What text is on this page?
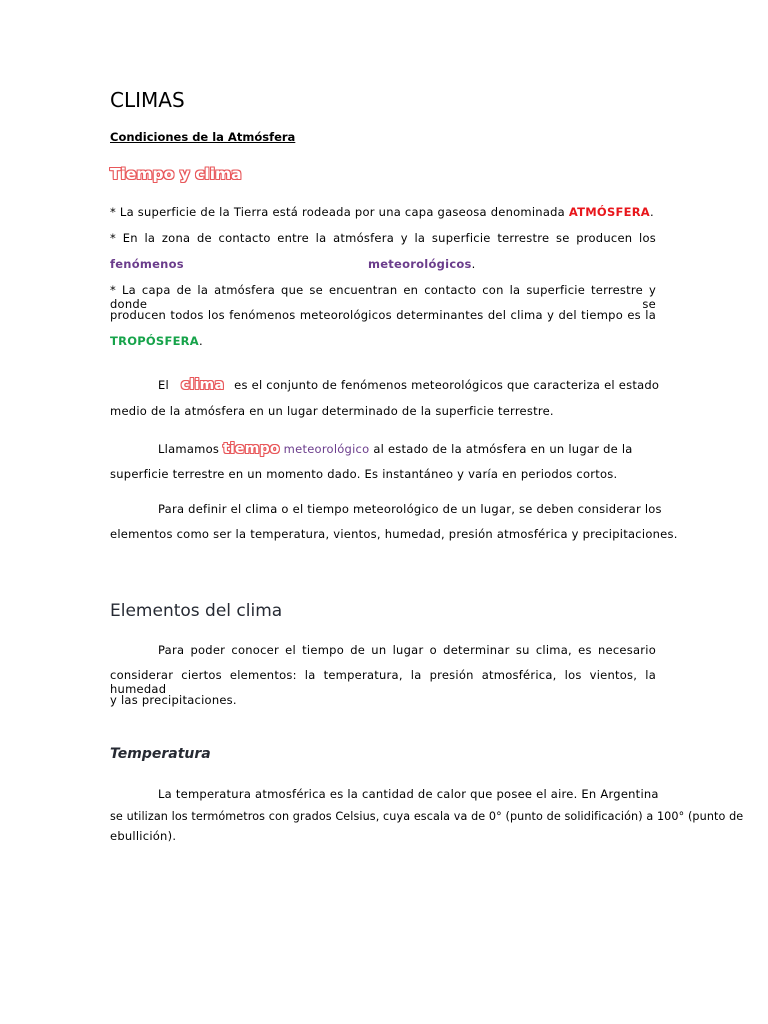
CLIMAS
Condiciones de la Atmósfera
Tiempo y clima
* La superficie de la Tierra está rodeada por una capa gaseosa denominada ATMÓSFERA.
* En la zona de contacto entre la atmósfera y la superficie terrestre se producen los
fenómenos	meteorológicos.
* La capa de la atmósfera que se encuentran en contacto con la superficie terrestre y donde se
producen todos los fenómenos meteorológicos determinantes del clima y del tiempo es la
TROPÓSFERA.
El clima es el conjunto de fenómenos meteorológicos que caracteriza el estado
medio de la atmósfera en un lugar determinado de la superficie terrestre.
Llamamos tiempo meteorológico al estado de la atmósfera en un lugar de la
superficie terrestre en un momento dado. Es instantáneo y varía en periodos cortos.
Para definir el clima o el tiempo meteorológico de un lugar, se deben considerar los
elementos como ser la temperatura, vientos, humedad, presión atmosférica y precipitaciones.
Elementos del clima
Para poder conocer el tiempo de un lugar o determinar su clima, es necesario
considerar ciertos elementos: la temperatura, la presión atmosférica, los vientos, la humedad
y las precipitaciones.
Temperatura
La temperatura atmosférica es la cantidad de calor que posee el aire. En Argentina
se utilizan los termómetros con grados Celsius, cuya escala va de 0° (punto de solidificación) a 100° (punto de
ebullición).
